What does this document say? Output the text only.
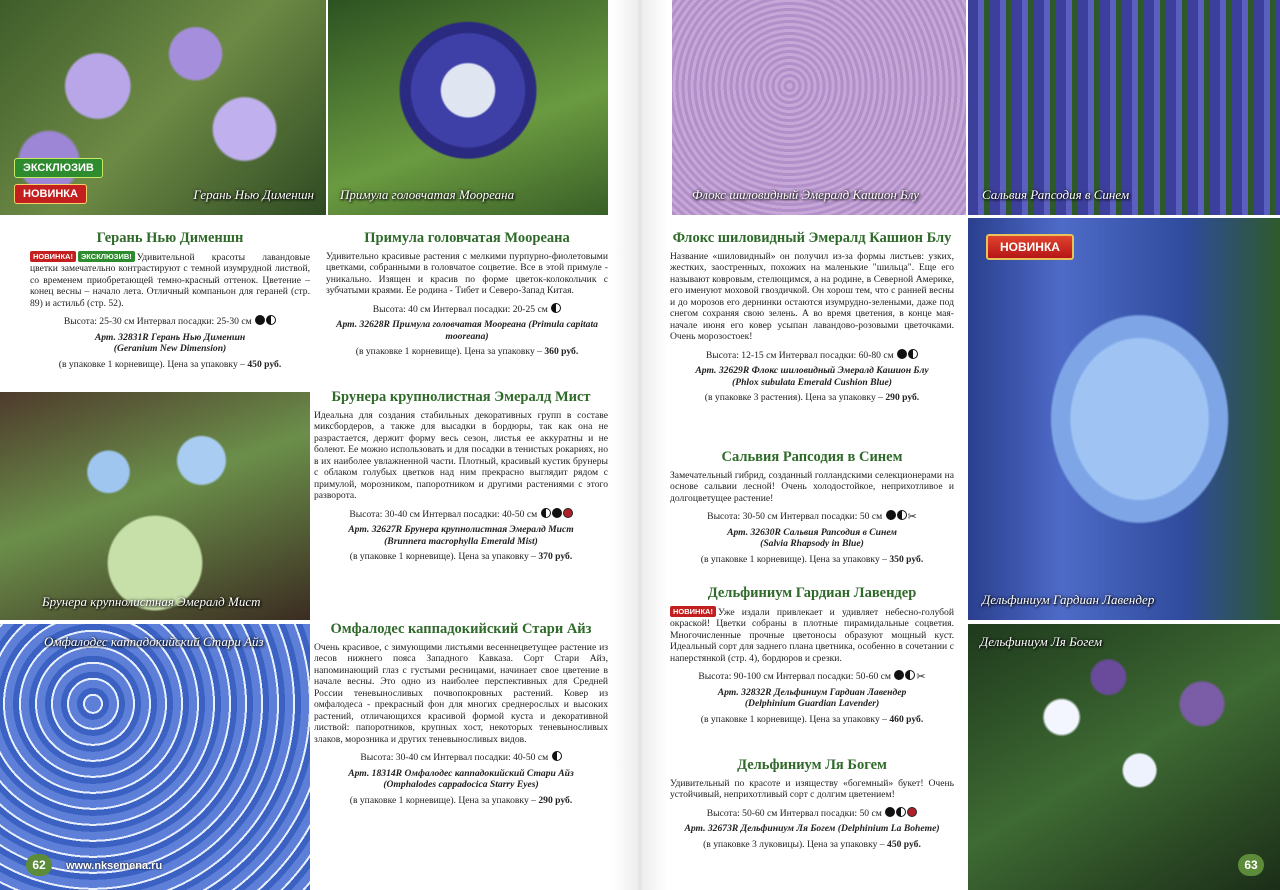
ЭКСКЛЮЗИВ
НОВИНКА	Герань Нью Дименшн Примула головчатая Моореана
Брунера крупнолистная Эмералд Мист
Омфалодес каппадокийский Стари Айз
62	www.nksemena.ru
Флокс шиловидный Эмералд Кашион Блу	Сальвия Рапсодия в Синем
НОВИНКА
Дельфиниум Гардиан Лавендер
Дельфиниум Ля Богем
63
Герань Нью Дименшн

НОВИНКА! ЭКСКЛЮЗИВ! Удивительной красоты лавандовые цветки замечательно контрастируют с темной изумрудной листвой, со временем приобретающей темно-красный оттенок. Цветение – конец весны – начало лета. Отличный компаньон для гераней (стр. 89) и астильб (стр. 52).

Высота: 25-30 см Интервал посадки: 25-30 см
Арт. 32831R Герань Нью Дименшн
(Geranium New Dimension)
(в упаковке 1 корневище). Цена за упаковку – 450 руб.
Примула головчатая Моореана

Удивительно красивые растения с мелкими пурпурно-фиолетовыми цветками, собранными в головчатое соцветие. Все в этой примуле - уникально. Изящен и красив по форме цветок-колокольчик с зубчатыми краями. Ее родина - Тибет и Северо-Запад Китая.

Высота: 40 см Интервал посадки: 20-25 см
Арт. 32628R Примула головчатая Моореана (Primula capitata mooreana)
(в упаковке 1 корневище). Цена за упаковку – 360 руб.
Брунера крупнолистная Эмералд Мист

Идеальна для создания стабильных декоративных групп в составе миксбордеров, а также для высадки в бордюры, так как она не разрастается, держит форму весь сезон, листья ее аккуратны и не болеют. Ее можно использовать и для посадки в тенистых рокариях, но в их наиболее увлажненной части. Плотный, красивый кустик брунеры с облаком голубых цветков над ним прекрасно выглядит рядом с примулой, морозником, папоротником и другими растениями с этого разворота.

Высота: 30-40 см Интервал посадки: 40-50 см
Арт. 32627R Брунера крупнолистная Эмералд Мист
(Brunnera macrophylla Emerald Mist)
(в упаковке 1 корневище). Цена за упаковку – 370 руб.
Омфалодес каппадокийский Стари Айз

Очень красивое, с зимующими листьями весеннецветущее растение из лесов нижнего пояса Западного Кавказа. Сорт Стари Айз, напоминающий глаз с густыми ресницами, начинает свое цветение в начале весны. Это одно из наиболее перспективных для Средней России теневыносливых почвопокровных растений. Ковер из омфалодеса - прекрасный фон для многих среднерослых и высоких растений, отличающихся красивой формой куста и декоративной листвой: папоротников, крупных хост, некоторых теневыносливых злаков, морозника и других теневыносливых видов.

Высота: 30-40 см Интервал посадки: 40-50 см
Арт. 18314R Омфалодес каппадокийский Стари Айз
(Omphalodes cappadocica Starry Eyes)
(в упаковке 1 корневище). Цена за упаковку – 290 руб.
Флокс шиловидный Эмералд Кашион Блу

Название «шиловидный» он получил из-за формы листьев: узких, жестких, заостренных, похожих на маленькие "шильца". Еще его называют ковровым, стелющимся, а на родине, в Северной Америке, его именуют моховой гвоздичкой. Он хорош тем, что с ранней весны и до морозов его дернинки остаются изумрудно-зелеными, даже под снегом сохраняя свою зелень. А во время цветения, в конце мая-начале июня его ковер усыпан лавандово-розовыми цветочками. Очень морозостоек!

Высота: 12-15 см Интервал посадки: 60-80 см
Арт. 32629R Флокс шиловидный Эмералд Кашион Блу
(Phlox subulata Emerald Cushion Blue)
(в упаковке 3 растения). Цена за упаковку – 290 руб.
Сальвия Рапсодия в Синем

Замечательный гибрид, созданный голландскими селекционерами на основе сальвии лесной! Очень холодостойкое, неприхотливое и долгоцветущее растение!

Высота: 30-50 см Интервал посадки: 50 см ✂
Арт. 32630R Сальвия Рапсодия в Синем
(Salvia Rhapsody in Blue)
(в упаковке 1 корневище). Цена за упаковку – 350 руб.
Дельфиниум Гардиан Лавендер

НОВИНКА! Уже издали привлекает и удивляет небесно-голубой окраской! Цветки собраны в плотные пирамидальные соцветия. Многочисленные прочные цветоносы образуют мощный куст. Идеальный сорт для заднего плана цветника, особенно в сочетании с наперстянкой (стр. 4), бордюров и срезки.

Высота: 90-100 см Интервал посадки: 50-60 см ✂
Арт. 32832R Дельфиниум Гардиан Лавендер
(Delphinium Guardian Lavender)
(в упаковке 1 корневище). Цена за упаковку – 460 руб.
Дельфиниум Ля Богем

Удивительный по красоте и изяществу «богемный» букет! Очень устойчивый, неприхотливый сорт с долгим цветением!

Высота: 50-60 см Интервал посадки: 50 см
Арт. 32673R Дельфиниум Ля Богем (Delphinium La Boheme)
(в упаковке 3 луковицы). Цена за упаковку – 450 руб.
